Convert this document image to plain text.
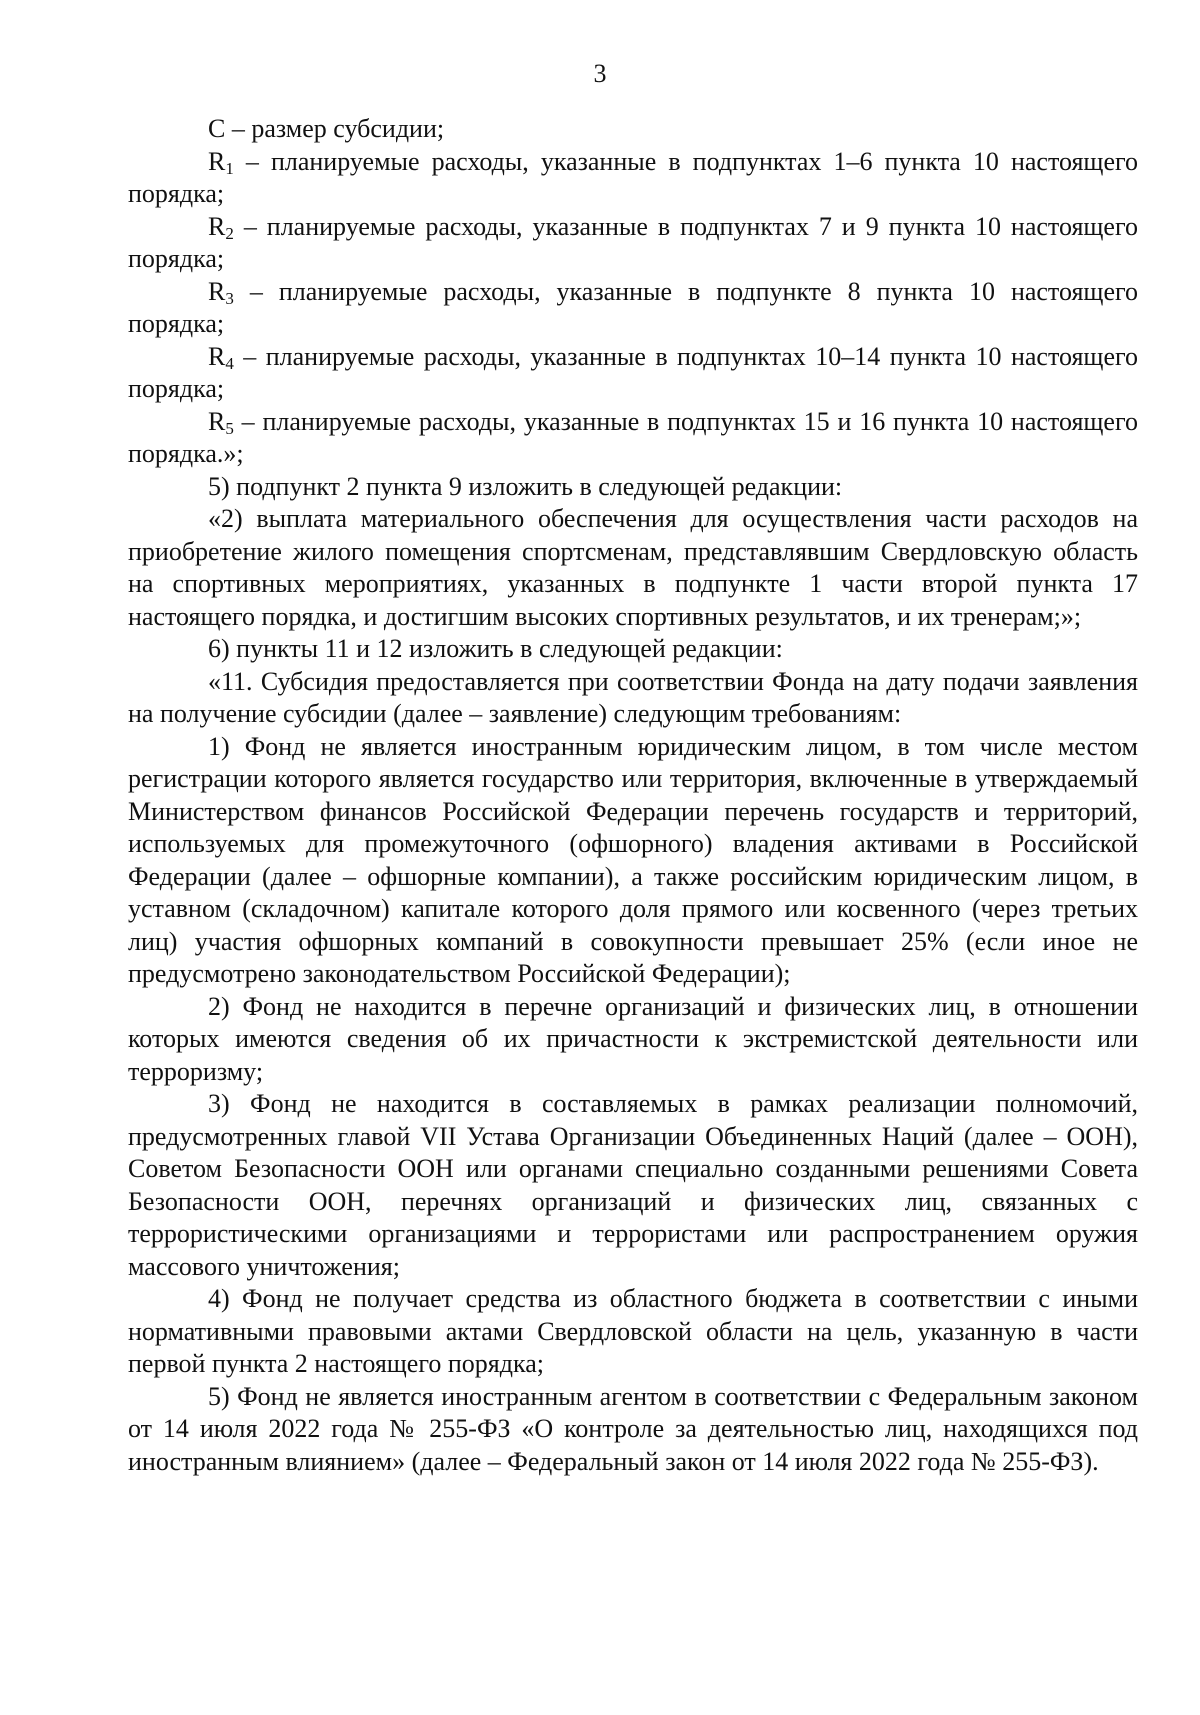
3

С – размер субсидии;

$R_1$ – планируемые расходы, указанные в подпунктах 1–6 пункта 10 настоящего порядка;

$R_2$ – планируемые расходы, указанные в подпунктах 7 и 9 пункта 10 настоящего порядка;

$R_3$ – планируемые расходы, указанные в подпункте 8 пункта 10 настоящего порядка;

$R_4$ – планируемые расходы, указанные в подпунктах 10–14 пункта 10 настоящего порядка;

$R_5$ – планируемые расходы, указанные в подпунктах 15 и 16 пункта 10 настоящего порядка.»;

5) подпункт 2 пункта 9 изложить в следующей редакции:

«2) выплата материального обеспечения для осуществления части расходов на приобретение жилого помещения спортсменам, представлявшим Свердловскую область на спортивных мероприятиях, указанных в подпункте 1 части второй пункта 17 настоящего порядка, и достигшим высоких спортивных результатов, и их тренерам;»;

6) пункты 11 и 12 изложить в следующей редакции:

«11. Субсидия предоставляется при соответствии Фонда на дату подачи заявления на получение субсидии (далее – заявление) следующим требованиям:

1) Фонд не является иностранным юридическим лицом, в том числе местом регистрации которого является государство или территория, включенные в утверждаемый Министерством финансов Российской Федерации перечень государств и территорий, используемых для промежуточного (офшорного) владения активами в Российской Федерации (далее – офшорные компании), а также российским юридическим лицом, в уставном (складочном) капитале которого доля прямого или косвенного (через третьих лиц) участия офшорных компаний в совокупности превышает 25% (если иное не предусмотрено законодательством Российской Федерации);

2) Фонд не находится в перечне организаций и физических лиц, в отношении которых имеются сведения об их причастности к экстремистской деятельности или терроризму;

3) Фонд не находится в составляемых в рамках реализации полномочий, предусмотренных главой VII Устава Организации Объединенных Наций (далее – ООН), Советом Безопасности ООН или органами специально созданными решениями Совета Безопасности ООН, перечнях организаций и физических лиц, связанных с террористическими организациями и террористами или распространением оружия массового уничтожения;

4) Фонд не получает средства из областного бюджета в соответствии с иными нормативными правовыми актами Свердловской области на цель, указанную в части первой пункта 2 настоящего порядка;

5) Фонд не является иностранным агентом в соответствии с Федеральным законом от 14 июля 2022 года № 255-ФЗ «О контроле за деятельностью лиц, находящихся под иностранным влиянием» (далее – Федеральный закон от 14 июля 2022 года № 255-ФЗ).
